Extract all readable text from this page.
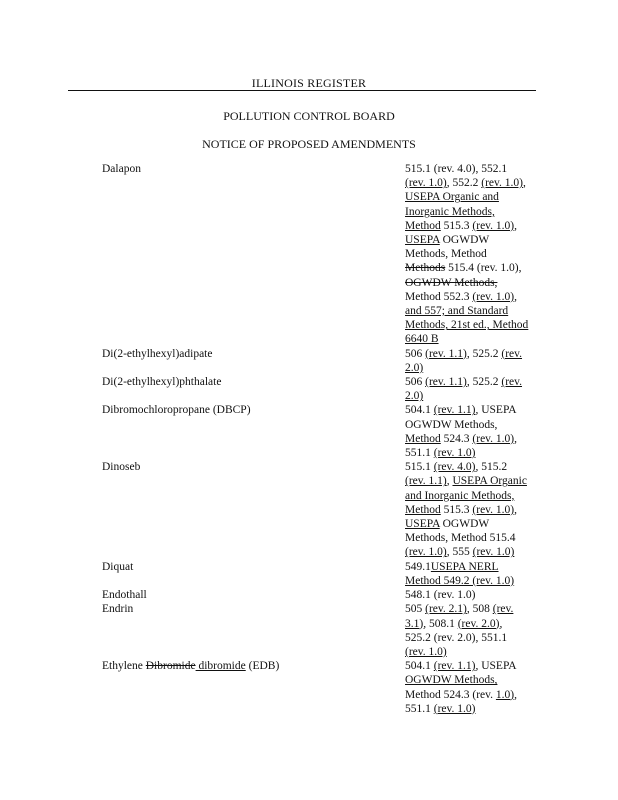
ILLINOIS REGISTER
POLLUTION CONTROL BOARD
NOTICE OF PROPOSED AMENDMENTS
Dalapon	515.1 (rev. 4.0), 552.1
(rev. 1.0), 552.2 (rev. 1.0),
USEPA Organic and
Inorganic Methods,
Method 515.3 (rev. 1.0),
USEPA OGWDW
Methods, Method
Methods 515.4 (rev. 1.0),
OGWDW Methods,
Method 552.3 (rev. 1.0),
and 557; and Standard
Methods, 21st ed., Method
6640 B
Di(2-ethylhexyl)adipate	506 (rev. 1.1), 525.2 (rev.
2.0)
Di(2-ethylhexyl)phthalate	506 (rev. 1.1), 525.2 (rev.
2.0)
Dibromochloropropane (DBCP)	504.1 (rev. 1.1), USEPA
OGWDW Methods,
Method 524.3 (rev. 1.0),
551.1 (rev. 1.0)
Dinoseb	515.1 (rev. 4.0), 515.2
(rev. 1.1), USEPA Organic
and Inorganic Methods,
Method 515.3 (rev. 1.0),
USEPA OGWDW
Methods, Method 515.4
(rev. 1.0), 555 (rev. 1.0)
Diquat	549.1USEPA NERL
Method 549.2 (rev. 1.0)
Endothall	548.1 (rev. 1.0)
Endrin	505 (rev. 2.1), 508 (rev.
3.1), 508.1 (rev. 2.0),
525.2 (rev. 2.0), 551.1
(rev. 1.0)
Ethylene Dibromide dibromide (EDB)	504.1 (rev. 1.1), USEPA
OGWDW Methods,
Method 524.3 (rev. 1.0),
551.1 (rev. 1.0)
